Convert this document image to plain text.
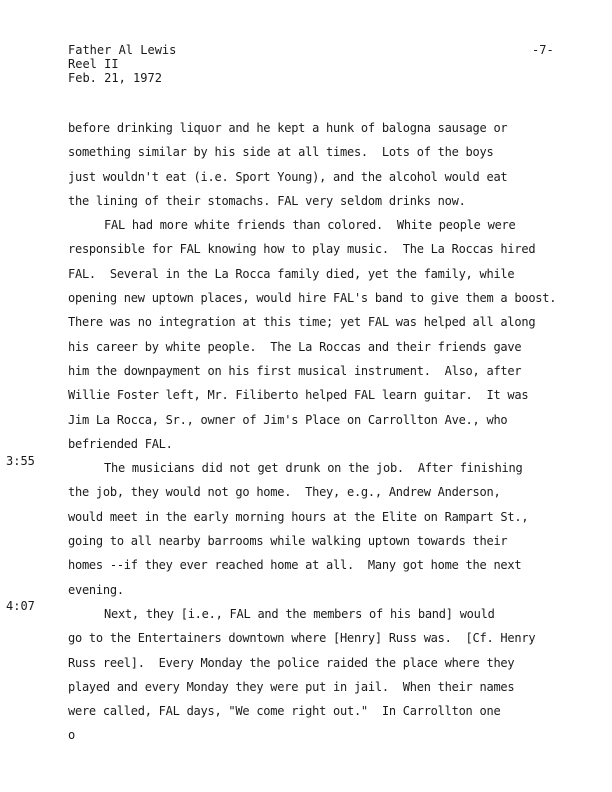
Father Al Lewis
Reel II
Feb. 21, 1972
-7-
3:55
4:07
before drinking liquor and he kept a hunk of balogna sausage or
something similar by his side at all times.  Lots of the boys
just wouldn't eat (i.e. Sport Young), and the alcohol would eat
the lining of their stomachs. FAL very seldom drinks now.
FAL had more white friends than colored.  White people were
responsible for FAL knowing how to play music.  The La Roccas hired
FAL.  Several in the La Rocca family died, yet the family, while
opening new uptown places, would hire FAL's band to give them a boost.
There was no integration at this time; yet FAL was helped all along
his career by white people.  The La Roccas and their friends gave
him the downpayment on his first musical instrument.  Also, after
Willie Foster left, Mr. Filiberto helped FAL learn guitar.  It was
Jim La Rocca, Sr., owner of Jim's Place on Carrollton Ave., who
befriended FAL.
The musicians did not get drunk on the job.  After finishing
the job, they would not go home.  They, e.g., Andrew Anderson,
would meet in the early morning hours at the Elite on Rampart St.,
going to all nearby barrooms while walking uptown towards their
homes --if they ever reached home at all.  Many got home the next
evening.
Next, they [i.e., FAL and the members of his band] would
go to the Entertainers downtown where [Henry] Russ was.  [Cf. Henry
Russ reel].  Every Monday the police raided the place where they
played and every Monday they were put in jail.  When their names
were called, FAL days, "We come right out."  In Carrollton one
o
